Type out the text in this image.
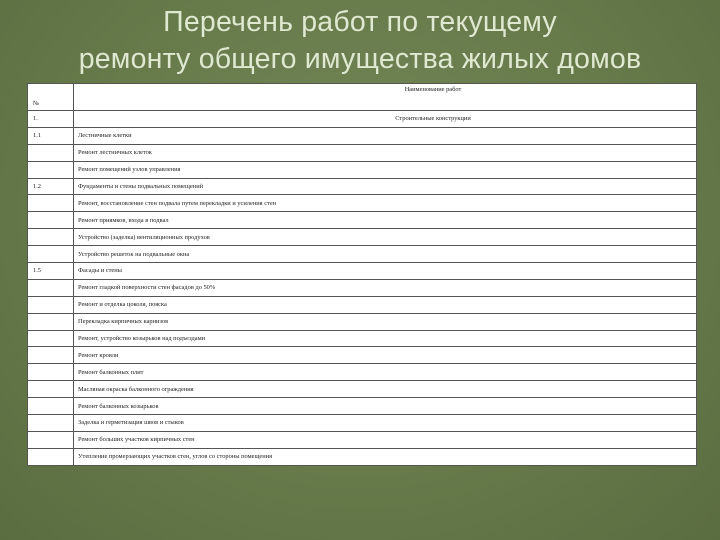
Перечень работ по текущему
ремонту общего имущества жилых домов
№	Наименование работ
1.	Строительные конструкции
1.1	Лестничные клетки
	Ремонт лестничных клеток
	Ремонт помещений узлов управления
1.2	Фундаменты и стены подвальных помещений
	Ремонт, восстановление стен подвала путем перекладки и усиления стен
	Ремонт приямков, входа в подвал
	Устройство (заделка) вентиляционных продухов
	Устройство решеток на подвальные окна
1.5	Фасады и стены
	Ремонт гладкой поверхности стен фасадов до 50%
	Ремонт и отделка цоколя, пояска
	Перекладка кирпичных карнизов
	Ремонт, устройство козырьков над подъездами
	Ремонт кровли
	Ремонт балконных плит
	Масляная окраска балконного ограждения
	Ремонт балконных козырьков
	Заделка и герметизация швов и стыков
	Ремонт больших участков кирпичных стен
	Утепление промерзающих участков стен, углов со стороны помещения
